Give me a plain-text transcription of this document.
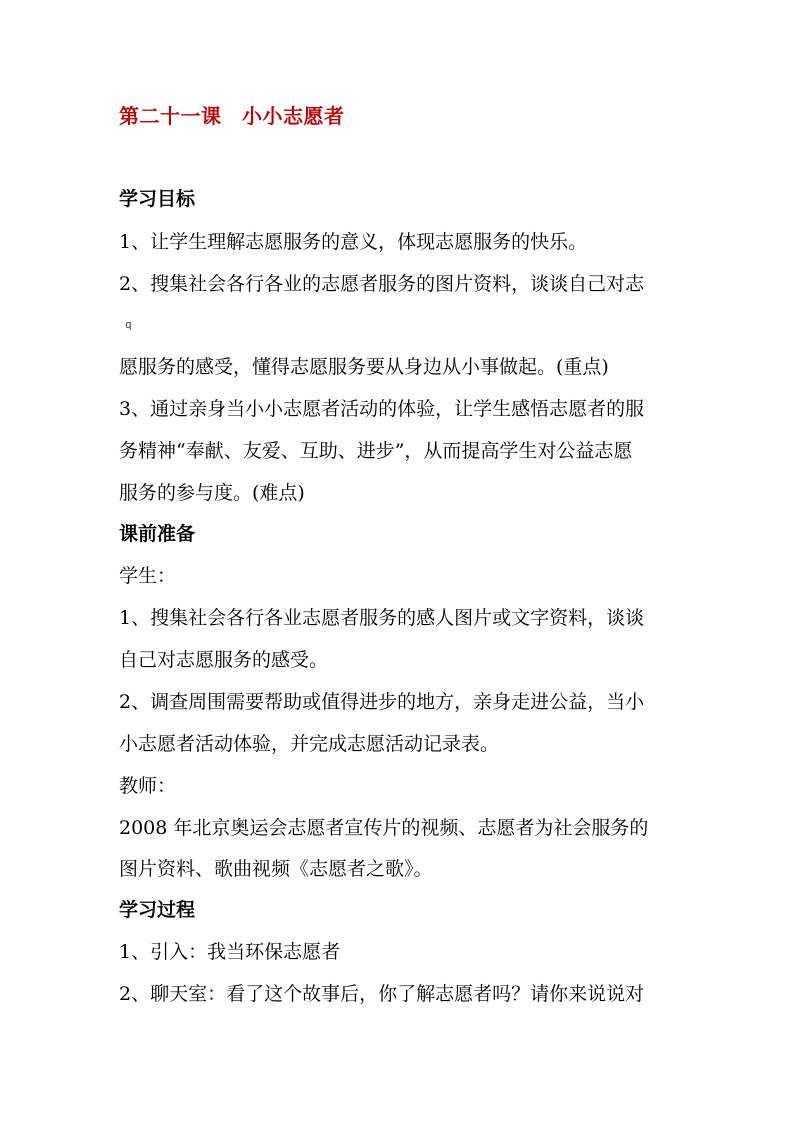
第二十一课　小小志愿者
学习目标
1、让学生理解志愿服务的意义，体现志愿服务的快乐。
2、搜集社会各行各业的志愿者服务的图片资料，谈谈自己对志
q
愿服务的感受，懂得志愿服务要从身边从小事做起。(重点)
3、通过亲身当小小志愿者活动的体验，让学生感悟志愿者的服
务精神“奉献、友爱、互助、进步”，从而提高学生对公益志愿
服务的参与度。(难点)
课前准备
学生：
1、搜集社会各行各业志愿者服务的感人图片或文字资料，谈谈
自己对志愿服务的感受。
2、调查周围需要帮助或值得进步的地方，亲身走进公益，当小
小志愿者活动体验，并完成志愿活动记录表。
教师：
2008 年北京奥运会志愿者宣传片的视频、志愿者为社会服务的
图片资料、歌曲视频《志愿者之歌》。
学习过程
1、引入：我当环保志愿者
2、聊天室：看了这个故事后，你了解志愿者吗？请你来说说对
